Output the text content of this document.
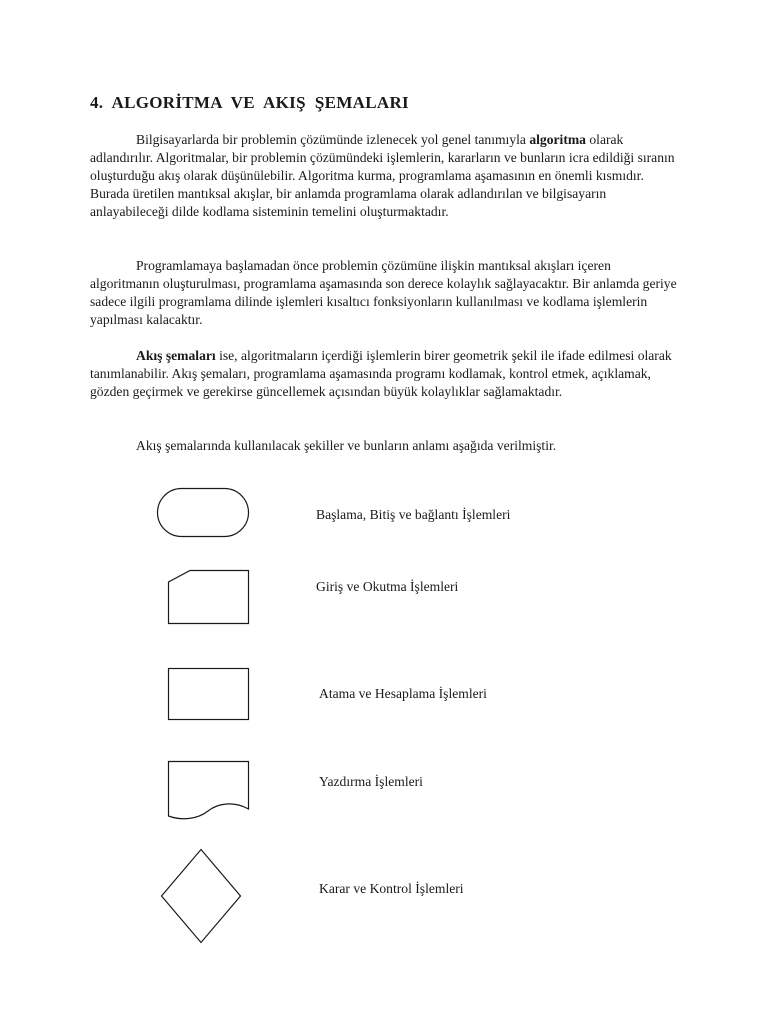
4.  ALGORİTMA  VE  AKIŞ  ŞEMALARI

Bilgisayarlarda bir problemin çözümünde izlenecek yol genel tanımıyla algoritma olarak adlandırılır. Algoritmalar, bir problemin çözümündeki işlemlerin, kararların ve bunların icra edildiği sıranın oluşturduğu akış olarak düşünülebilir. Algoritma kurma, programlama aşamasının en önemli kısmıdır. Burada üretilen mantıksal akışlar, bir anlamda programlama olarak adlandırılan ve bilgisayarın anlayabileceği dilde kodlama sisteminin temelini oluşturmaktadır.

Programlamaya başlamadan önce problemin çözümüne ilişkin mantıksal akışları içeren algoritmanın oluşturulması, programlama aşamasında son derece kolaylık sağlayacaktır. Bir anlamda geriye sadece ilgili programlama dilinde işlemleri kısaltıcı fonksiyonların kullanılması ve kodlama işlemlerin yapılması kalacaktır.

Akış şemaları ise, algoritmaların içerdiği işlemlerin birer geometrik şekil ile ifade edilmesi olarak tanımlanabilir. Akış şemaları, programlama aşamasında programı kodlamak, kontrol etmek, açıklamak, gözden geçirmek ve gerekirse güncellemek açısından büyük kolaylıklar sağlamaktadır.

Akış şemalarında kullanılacak şekiller ve bunların anlamı aşağıda verilmiştir.

Başlama, Bitiş ve bağlantı İşlemleri

Giriş ve Okutma İşlemleri

Atama ve Hesaplama İşlemleri

Yazdırma İşlemleri

Karar ve Kontrol İşlemleri
